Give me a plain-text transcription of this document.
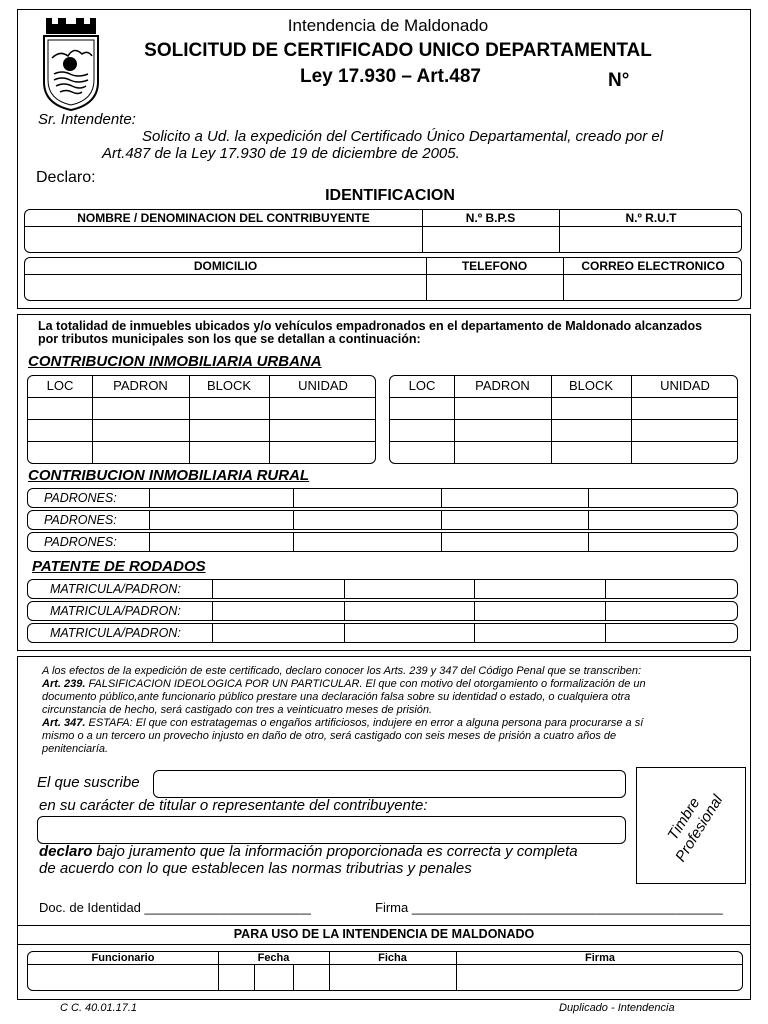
Intendencia de Maldonado
SOLICITUD DE CERTIFICADO UNICO DEPARTAMENTAL
Ley 17.930 – Art.487	N°
Sr. Intendente:
Solicito a Ud. la expedición del Certificado Único Departamental, creado por el
Art.487 de la Ley 17.930 de 19 de diciembre de 2005.
Declaro:
IDENTIFICACION
NOMBRE / DENOMINACION DEL CONTRIBUYENTE	N.º B.P.S	N.º R.U.T
DOMICILIO	TELEFONO	CORREO ELECTRONICO
La totalidad de inmuebles ubicados y/o vehículos empadronados en el departamento de Maldonado alcanzados
por tributos municipales son los que se detallan a continuación:
CONTRIBUCION INMOBILIARIA URBANA
LOC	PADRON	BLOCK	UNIDAD	LOC	PADRON	BLOCK	UNIDAD
CONTRIBUCION INMOBILIARIA RURAL
PADRONES:
PADRONES:
PADRONES:
PATENTE DE RODADOS
MATRICULA/PADRON:
MATRICULA/PADRON:
MATRICULA/PADRON:
A los efectos de la expedición de este certificado, declaro conocer los Arts. 239 y 347 del Código Penal que se transcriben:
Art. 239. FALSIFICACION IDEOLOGICA POR UN PARTICULAR. El que con motivo del otorgamiento o formalización de un
documento público,ante funcionario público prestare una declaración falsa sobre su identidad o estado, o cualquiera otra
circunstancia de hecho, será castigado con tres a veinticuatro meses de prisión.
Art. 347. ESTAFA: El que con estratagemas o engaños artificiosos, indujere en error a alguna persona para procurarse a sí
mismo o a un tercero un provecho injusto en daño de otro, será castigado con seis meses de prisión a cuatro años de
penitenciaría.
El que suscribe
en su carácter de titular o representante del contribuyente:
declaro bajo juramento que la información proporcionada es correcta y completa
de acuerdo con lo que establecen las normas tributrias y penales
Timbre Profesional
Doc. de Identidad _______________________	Firma ___________________________________________
PARA USO DE LA INTENDENCIA DE MALDONADO
Funcionario	Fecha	Ficha	Firma
C C. 40.01.17.1	Duplicado - Intendencia
